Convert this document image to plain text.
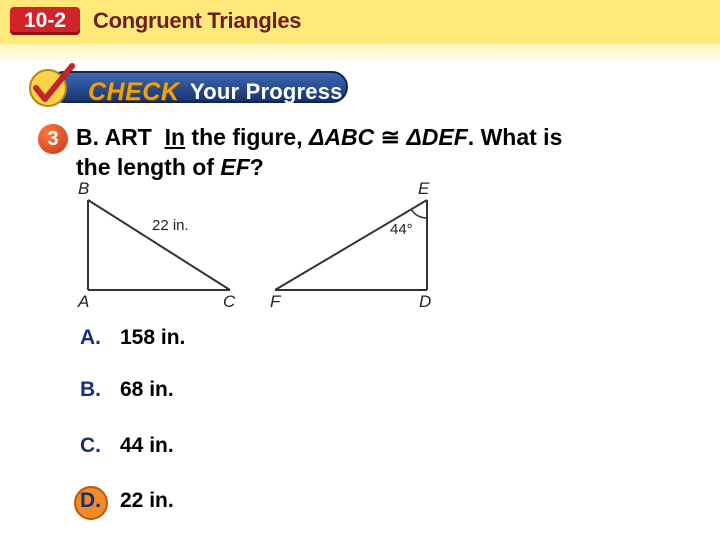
10-2	Congruent Triangles
CHECK Your Progress
3 B. ART In the figure, ΔABC ≅ ΔDEF. What is
the length of EF?
B	E
A	C F	D
22 in.	44°
A. 158 in.
B. 68 in.
C. 44 in.
D. 22 in.
